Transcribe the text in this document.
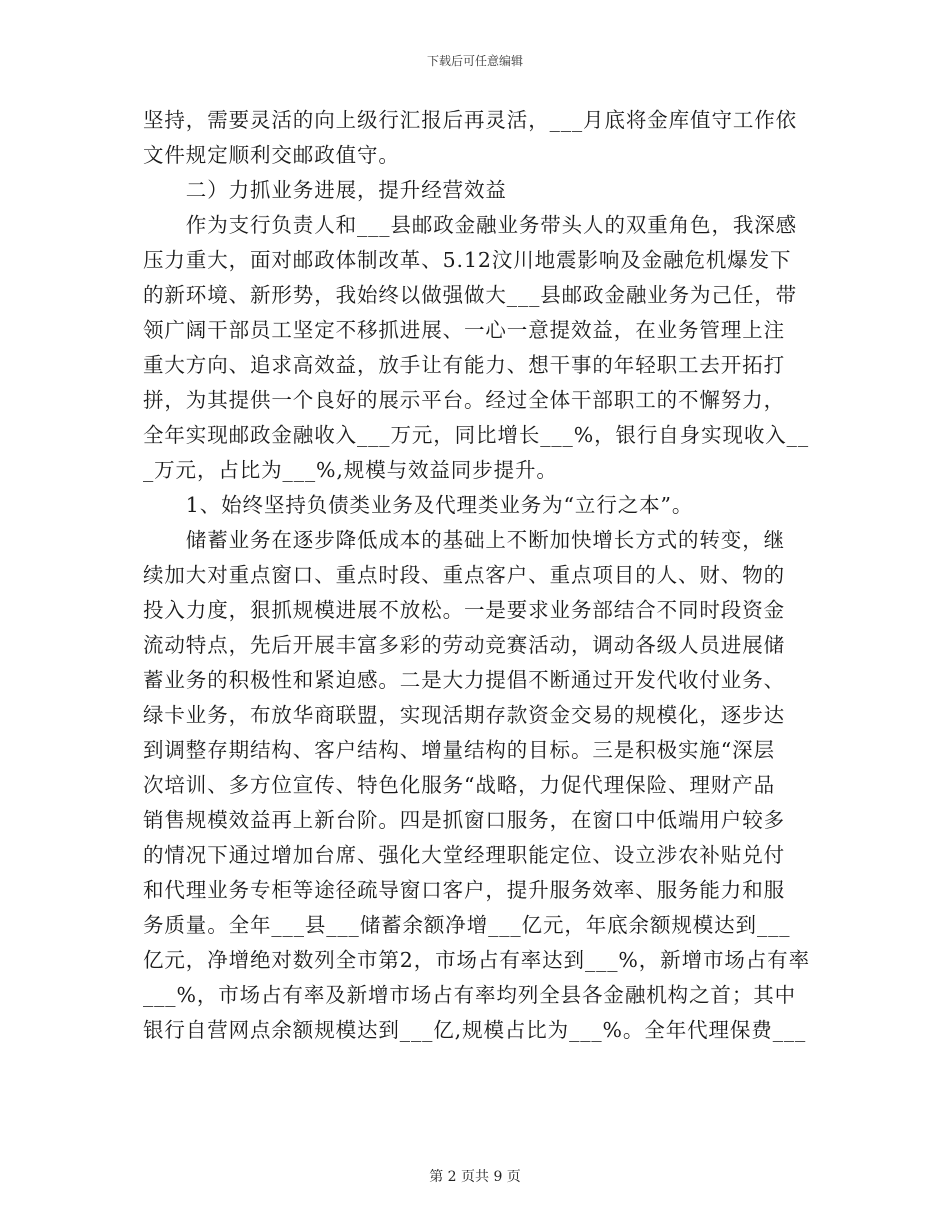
下载后可任意编辑
坚持，需要灵活的向上级行汇报后再灵活，___月底将金库值守工作依
文件规定顺利交邮政值守。
　　二）力抓业务进展，提升经营效益
　　作为支行负责人和___县邮政金融业务带头人的双重角色，我深感
压力重大，面对邮政体制改革、5.12汶川地震影响及金融危机爆发下
的新环境、新形势，我始终以做强做大___县邮政金融业务为己任，带
领广阔干部员工坚定不移抓进展、一心一意提效益，在业务管理上注
重大方向、追求高效益，放手让有能力、想干事的年轻职工去开拓打
拼，为其提供一个良好的展示平台。经过全体干部职工的不懈努力，
全年实现邮政金融收入___万元，同比增长___%，银行自身实现收入__
_万元，占比为___%,规模与效益同步提升。
　　1、始终坚持负债类业务及代理类业务为“立行之本”。
　　储蓄业务在逐步降低成本的基础上不断加快增长方式的转变，继
续加大对重点窗口、重点时段、重点客户、重点项目的人、财、物的
投入力度，狠抓规模进展不放松。一是要求业务部结合不同时段资金
流动特点，先后开展丰富多彩的劳动竞赛活动，调动各级人员进展储
蓄业务的积极性和紧迫感。二是大力提倡不断通过开发代收付业务、
绿卡业务，布放华商联盟，实现活期存款资金交易的规模化，逐步达
到调整存期结构、客户结构、增量结构的目标。三是积极实施“深层
次培训、多方位宣传、特色化服务“战略，力促代理保险、理财产品
销售规模效益再上新台阶。四是抓窗口服务，在窗口中低端用户较多
的情况下通过增加台席、强化大堂经理职能定位、设立涉农补贴兑付
和代理业务专柜等途径疏导窗口客户，提升服务效率、服务能力和服
务质量。全年___县___储蓄余额净增___亿元，年底余额规模达到___
亿元，净增绝对数列全市第2，市场占有率达到___%，新增市场占有率
___%，市场占有率及新增市场占有率均列全县各金融机构之首；其中
银行自营网点余额规模达到___亿,规模占比为___%。全年代理保费___
第 2 页共 9 页
